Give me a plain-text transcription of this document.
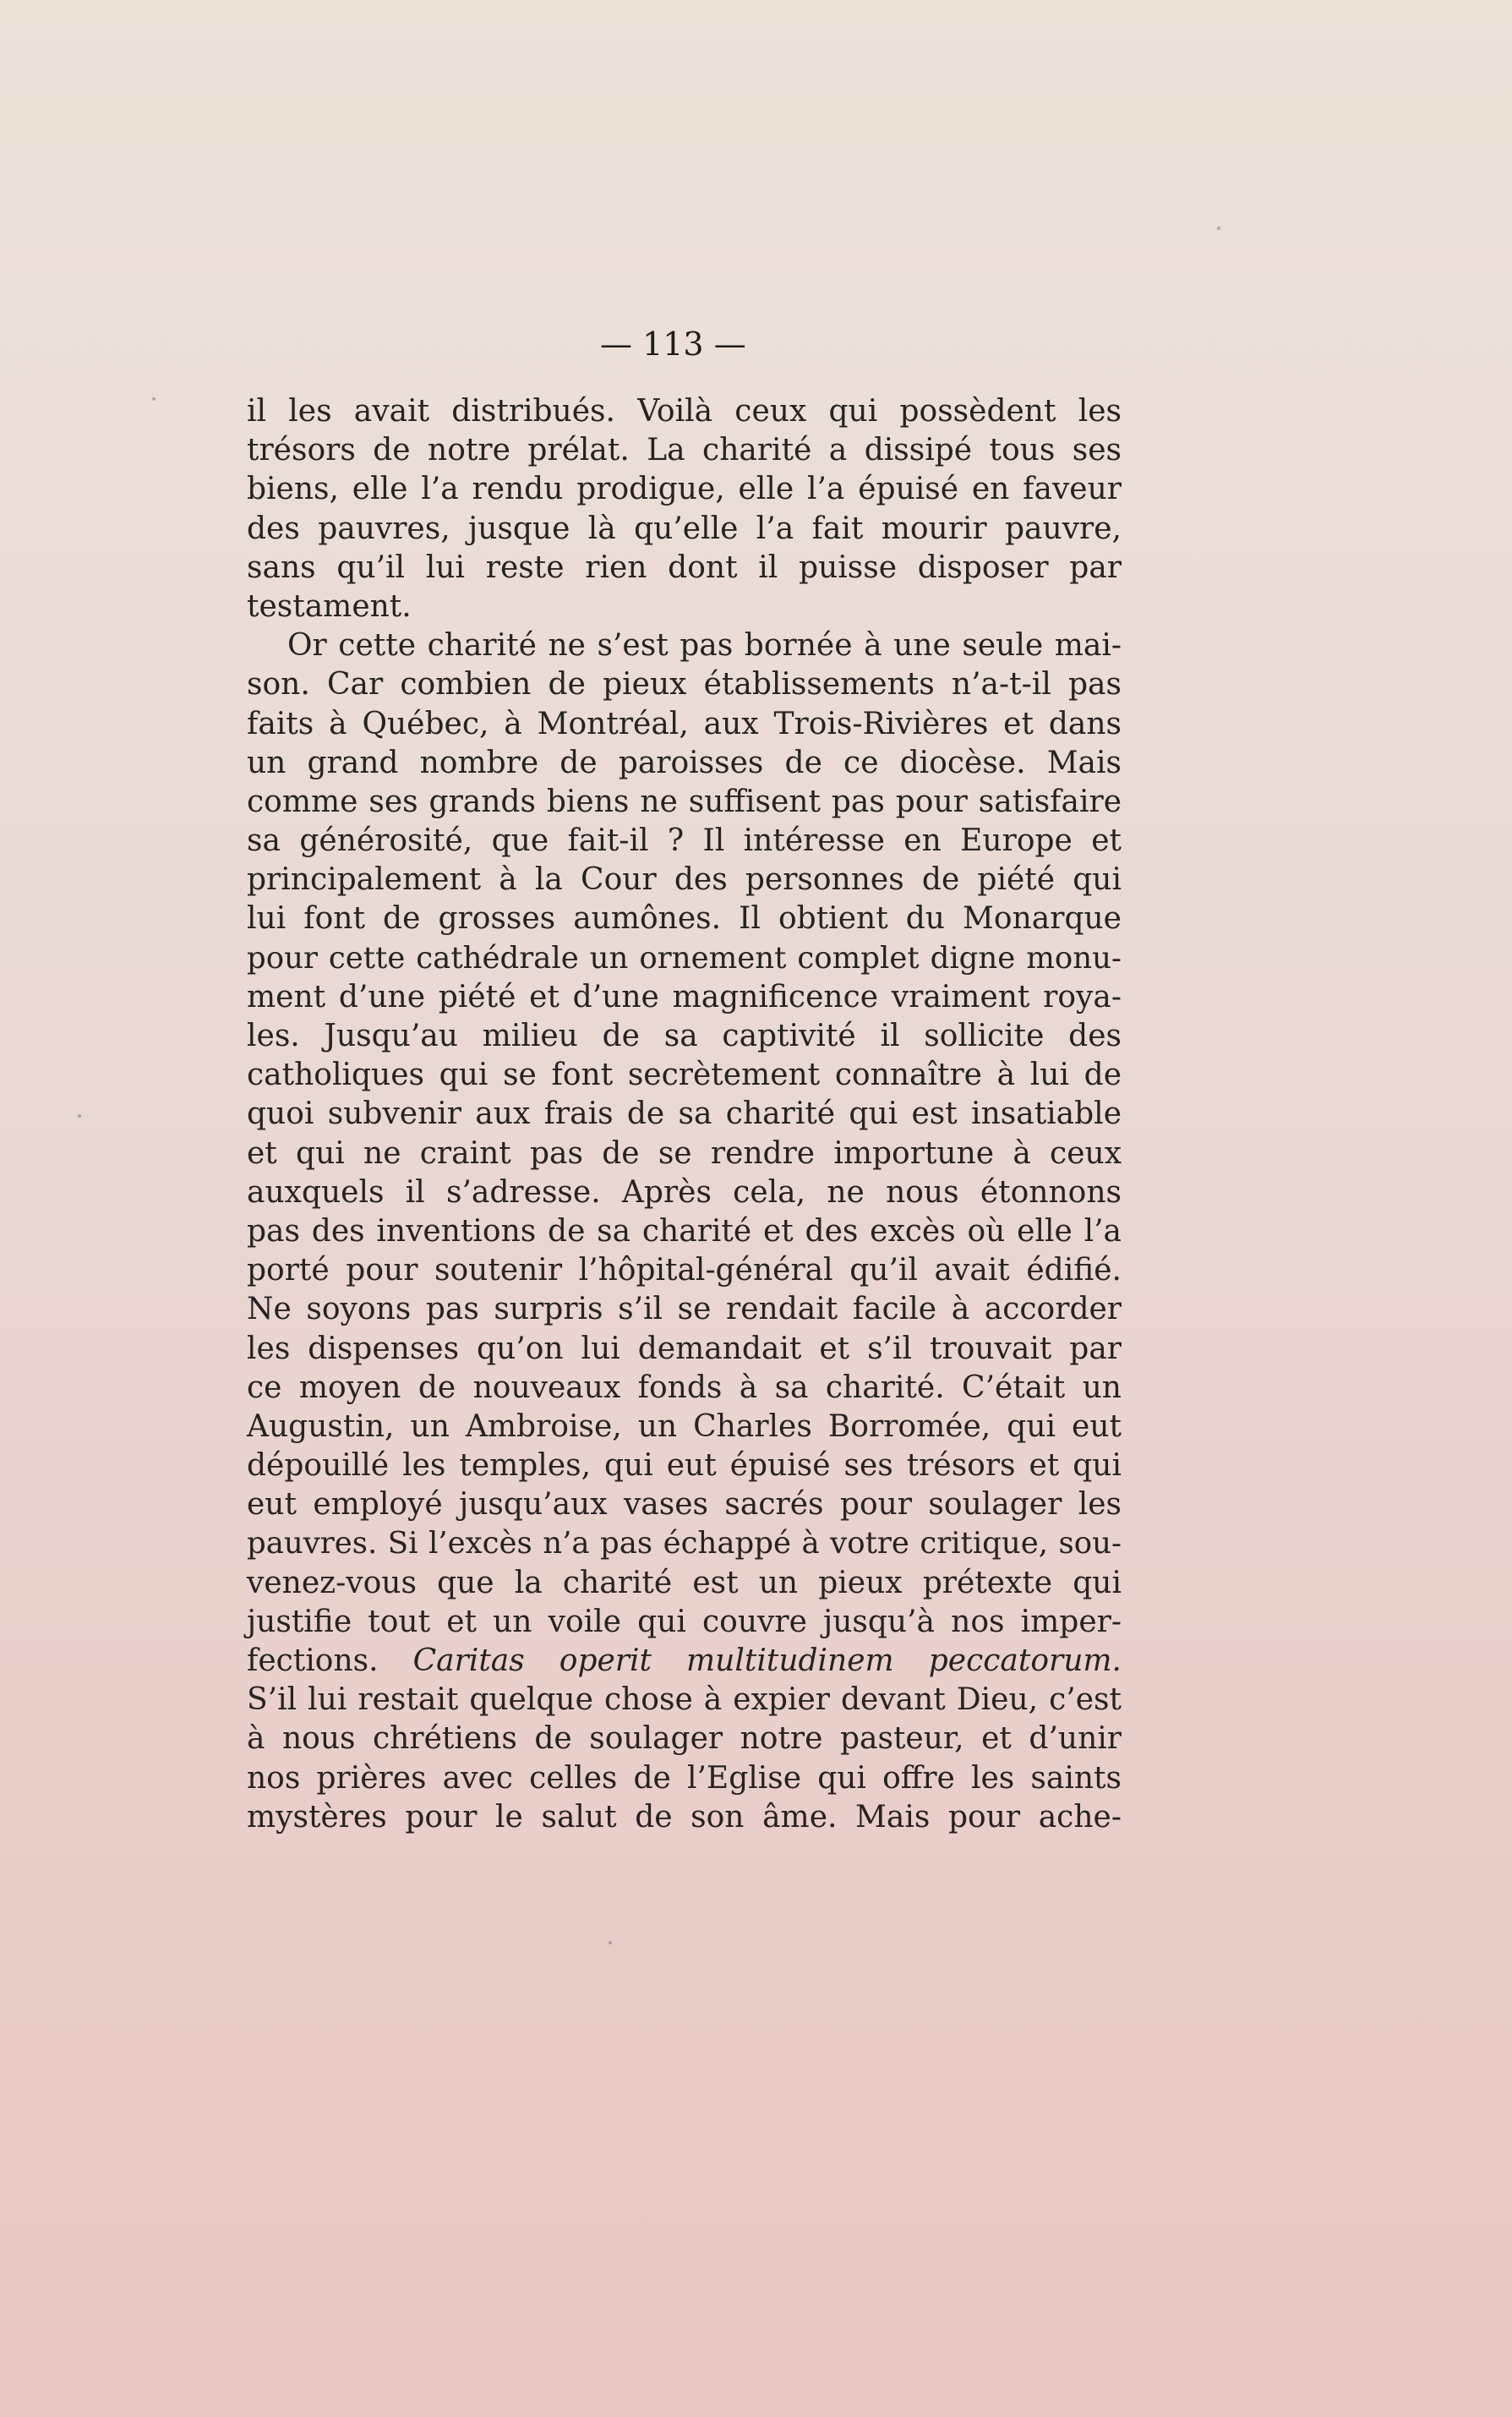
— 113 —
il les avait distribués. Voilà ceux qui possèdent les
trésors de notre prélat. La charité a dissipé tous ses
biens, elle l’a rendu prodigue, elle l’a épuisé en faveur
des pauvres, jusque là qu’elle l’a fait mourir pauvre,
sans qu’il lui reste rien dont il puisse disposer par
testament.
Or cette charité ne s’est pas bornée à une seule mai-
son. Car combien de pieux établissements n’a-t-il pas
faits à Québec, à Montréal, aux Trois-Rivières et dans
un grand nombre de paroisses de ce diocèse. Mais
comme ses grands biens ne suffisent pas pour satisfaire
sa générosité, que fait-il ? Il intéresse en Europe et
principalement à la Cour des personnes de piété qui
lui font de grosses aumônes. Il obtient du Monarque
pour cette cathédrale un ornement complet digne monu-
ment d’une piété et d’une magnificence vraiment roya-
les. Jusqu’au milieu de sa captivité il sollicite des
catholiques qui se font secrètement connaître à lui de
quoi subvenir aux frais de sa charité qui est insatiable
et qui ne craint pas de se rendre importune à ceux
auxquels il s’adresse. Après cela, ne nous étonnons
pas des inventions de sa charité et des excès où elle l’a
porté pour soutenir l’hôpital-général qu’il avait édifié.
Ne soyons pas surpris s’il se rendait facile à accorder
les dispenses qu’on lui demandait et s’il trouvait par
ce moyen de nouveaux fonds à sa charité. C’était un
Augustin, un Ambroise, un Charles Borromée, qui eut
dépouillé les temples, qui eut épuisé ses trésors et qui
eut employé jusqu’aux vases sacrés pour soulager les
pauvres. Si l’excès n’a pas échappé à votre critique, sou-
venez-vous que la charité est un pieux prétexte qui
justifie tout et un voile qui couvre jusqu’à nos imper-
fections. Caritas operit multitudinem peccatorum.
S’il lui restait quelque chose à expier devant Dieu, c’est
à nous chrétiens de soulager notre pasteur, et d’unir
nos prières avec celles de l’Eglise qui offre les saints
mystères pour le salut de son âme. Mais pour ache-
